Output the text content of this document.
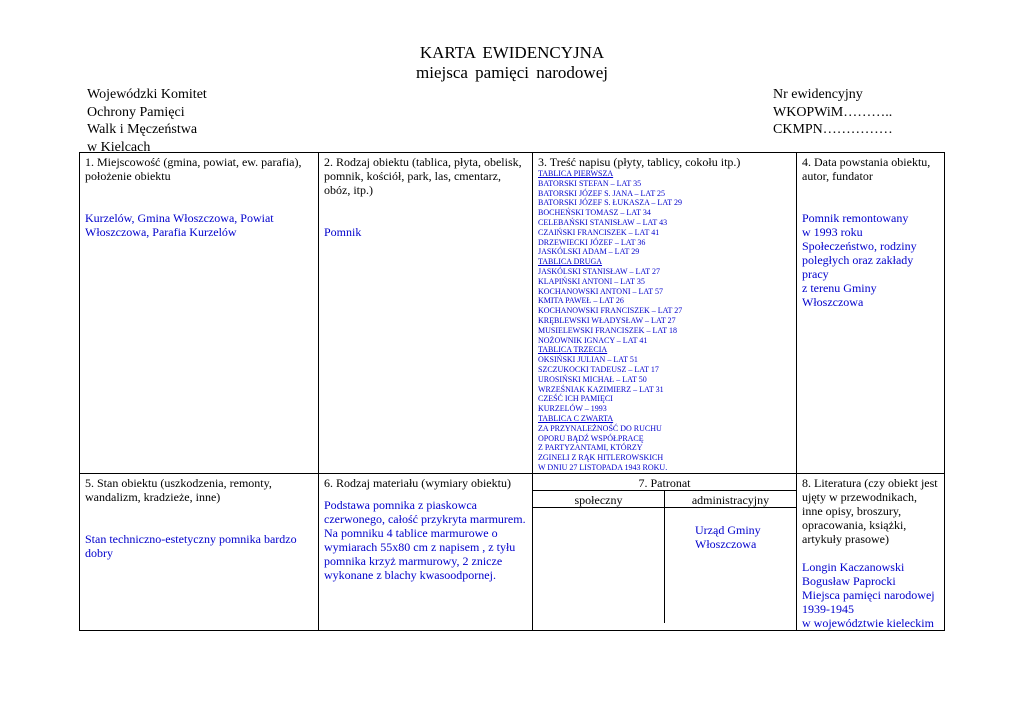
KARTA EWIDENCYJNA
miejsca pamięci narodowej
Wojewódzki Komitet
Ochrony Pamięci
Walk i Męczeństwa
w Kielcach
Nr ewidencyjny
WKOPWiM………..
CKMPN……………
1. Miejscowość (gmina, powiat, ew. parafia), położenie obiektu
Kurzelów, Gmina Włoszczowa, Powiat Włoszczowa, Parafia Kurzelów

2. Rodzaj obiektu (tablica, płyta, obelisk, pomnik, kościół, park, las, cmentarz, obóz, itp.)
Pomnik

3. Treść napisu (płyty, tablicy, cokołu itp.)
TABLICA PIERWSZA
BATORSKI STEFAN – LAT 35
BATORSKI JÓZEF S. JANA – LAT 25
BATORSKI JÓZEF S. ŁUKASZA – LAT 29
BOCHEŃSKI TOMASZ – LAT 34
CELEBAŃSKI STANISŁAW – LAT 43
CZAIŃSKI FRANCISZEK – LAT 41
DRZEWIECKI JÓZEF – LAT 36
JASKÓLSKI ADAM – LAT 29
TABLICA DRUGA
JASKÓLSKI STANISŁAW – LAT 27
KLAPIŃSKI ANTONI – LAT 35
KOCHANOWSKI ANTONI – LAT 57
KMITA PAWEŁ – LAT 26
KOCHANOWSKI FRANCISZEK – LAT 27
KRĘBLEWSKI WŁADYSŁAW – LAT 27
MUSIELEWSKI FRANCISZEK – LAT 18
NOŻOWNIK IGNACY – LAT 41
TABLICA TRZECIA
OKSIŃSKI JULIAN – LAT 51
SZCZUKOCKI TADEUSZ – LAT 17
UROSIŃSKI MICHAŁ – LAT 50
WRZEŚNIAK KAZIMIERZ – LAT 31
CZEŚĆ ICH PAMIĘCI
KURZELÓW – 1993
TABLICA C ZWARTA
ZA PRZYNALEŻNOŚĆ DO RUCHU
OPORU BĄDŹ WSPÓŁPRACĘ
Z PARTYZANTAMI, KTÓRZY
ZGINELI Z RĄK HITLEROWSKICH
W DNIU 27 LISTOPADA 1943 ROKU.

4. Data powstania obiektu, autor, fundator
Pomnik remontowany
w 1993 roku
Społeczeństwo, rodziny
poległych oraz zakłady
pracy
z terenu Gminy
Włoszczowa

5. Stan obiektu (uszkodzenia, remonty, wandalizm, kradzieże, inne)
Stan techniczno-estetyczny pomnika bardzo dobry

6. Rodzaj materiału (wymiary obiektu)
Podstawa pomnika z piaskowca czerwonego, całość przykryta marmurem. Na pomniku 4 tablice marmurowe o wymiarach 55x80 cm z napisem , z tyłu pomnika krzyż marmurowy, 2 znicze wykonane z blachy kwasoodpornej.

7. Patronat
społeczny	administracyjny
	Urząd Gminy Włoszczowa

8. Literatura (czy obiekt jest ujęty w przewodnikach, inne opisy, broszury, opracowania, książki, artykuły prasowe)
Longin Kaczanowski
Bogusław Paprocki
Miejsca pamięci narodowej
1939-1945
w województwie kieleckim
